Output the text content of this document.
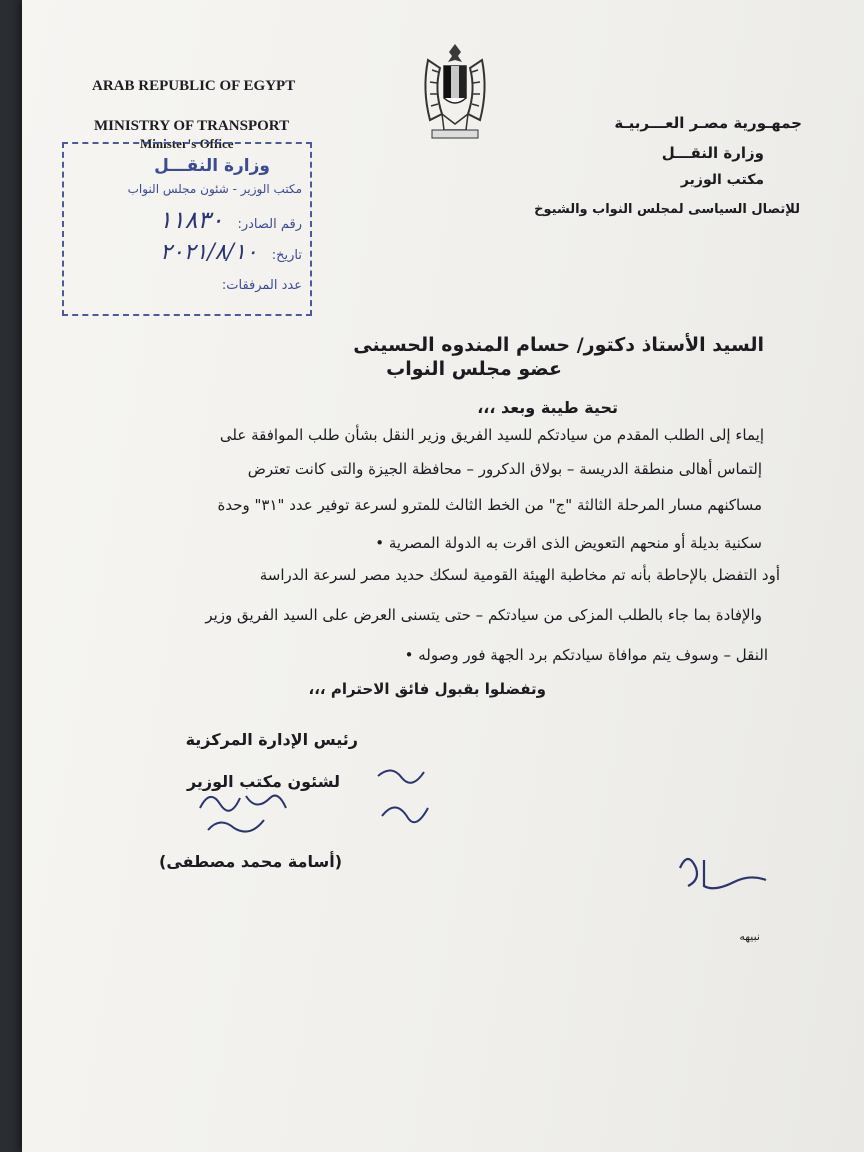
ARAB REPUBLIC OF EGYPT
MINISTRY OF TRANSPORT
Minister's Office
جمهـورية مصـر العـــربيـة
وزارة النقـــل
مكتب الوزير
للإتصال السياسى لمجلس النواب والشيوخ
وزارة النقـــل
مكتب الوزير - شئون مجلس النواب
رقم الصادر: ١١٨٣٠
تاريخ: ٢٠٢١/٨/١٠
عدد المرفقات:
السيد الأستاذ دكتور/ حسام المندوه الحسينى
عضو مجلس النواب
تحية طيبة وبعد ،،،
إيماء إلى الطلب المقدم من سيادتكم للسيد الفريق وزير النقل بشأن طلب الموافقة على
إلتماس أهالى منطقة الدريسة – بولاق الدكرور – محافظة الجيزة والتى كانت تعترض
مساكنهم مسار المرحلة الثالثة "ج" من الخط الثالث للمترو لسرعة توفير عدد "٣١" وحدة
سكنية بديلة أو منحهم التعويض الذى اقرت به الدولة المصرية •
أود التفضل بالإحاطة بأنه تم مخاطبة الهيئة القومية لسكك حديد مصر لسرعة الدراسة
والإفادة بما جاء بالطلب المزكى من سيادتكم – حتى يتسنى العرض على السيد الفريق وزير
النقل – وسوف يتم موافاة سيادتكم برد الجهة فور وصوله •
وتفضلوا بقبول فائق الاحترام ،،،
رئيس الإدارة المركزية
لشئون مكتب الوزير
(أسامة محمد مصطفى)
نبيهه
